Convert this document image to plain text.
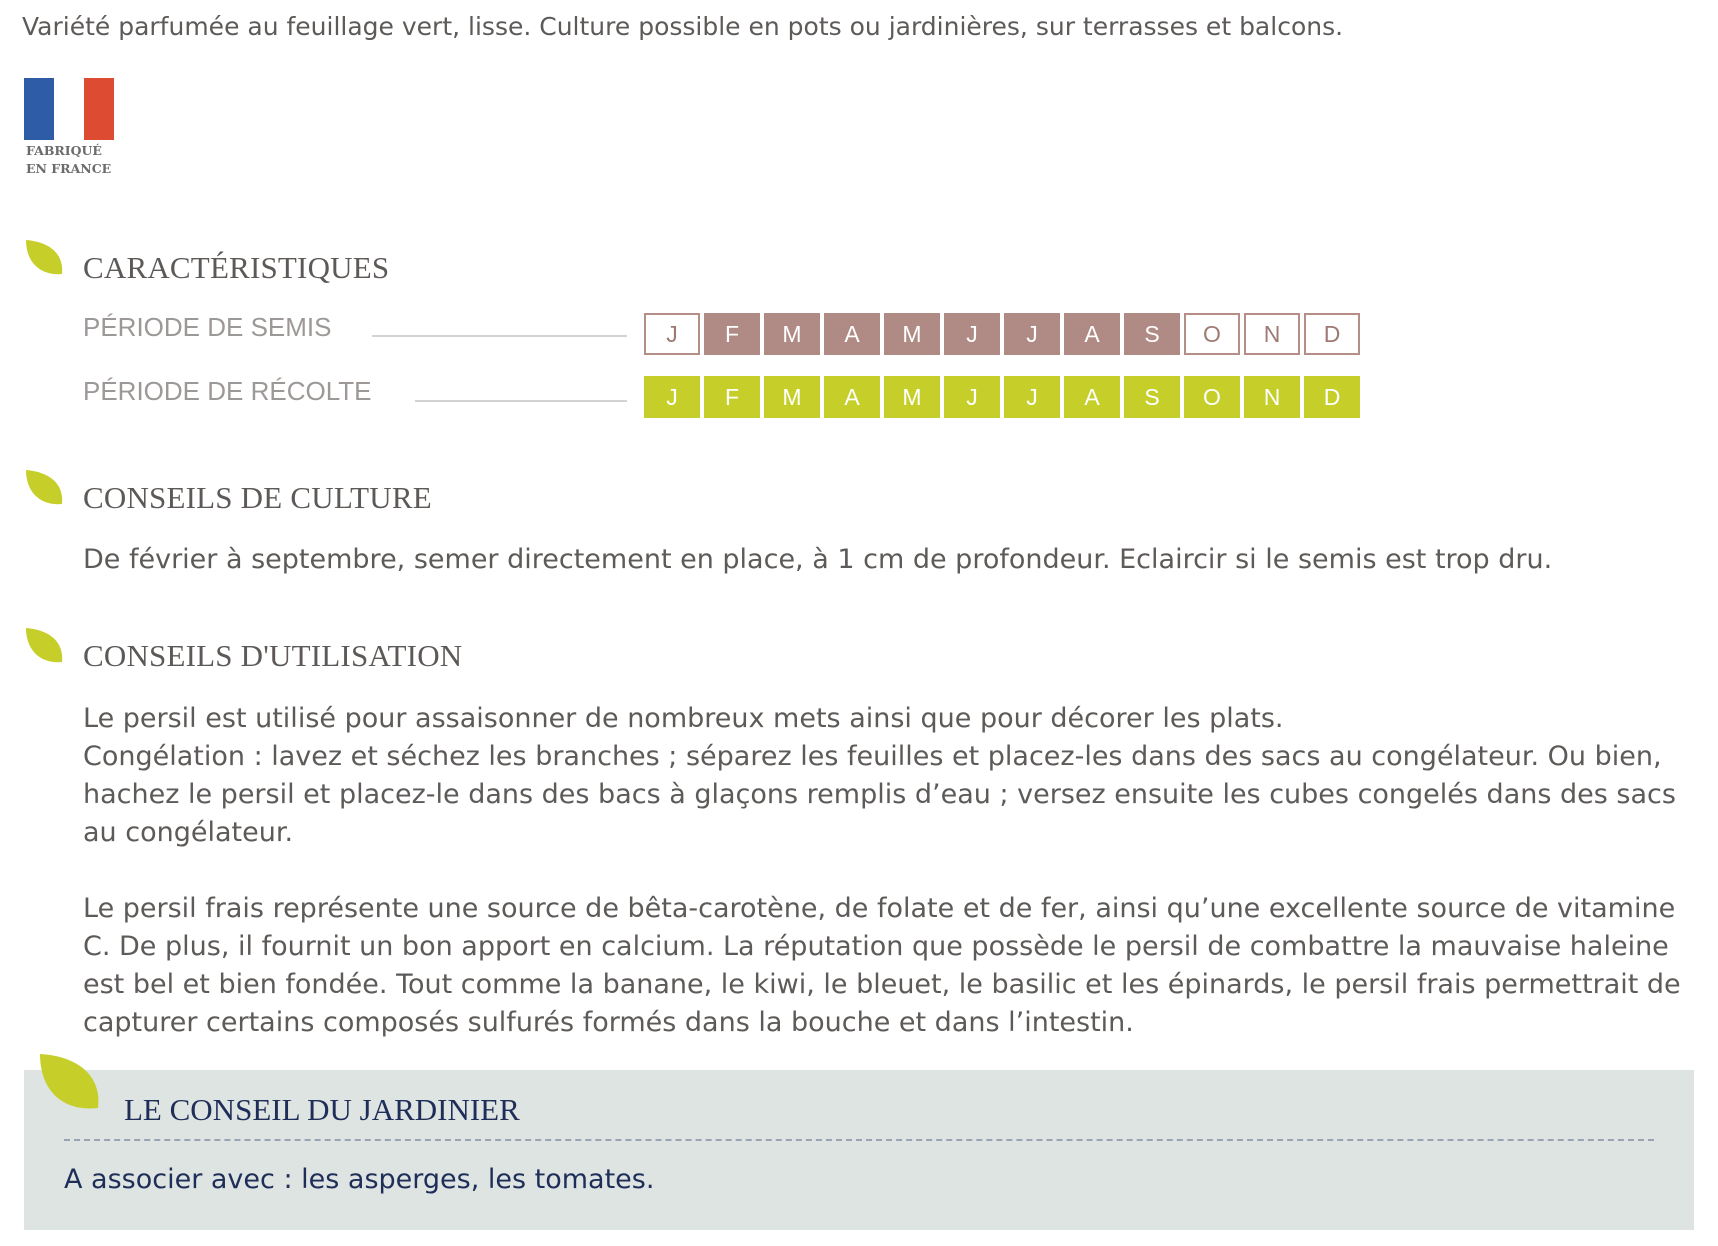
Variété parfumée au feuillage vert, lisse. Culture possible en pots ou jardinières, sur terrasses et balcons.
FABRIQUÉ
EN FRANCE
CARACTÉRISTIQUES
PÉRIODE DE SEMIS	J	F	M	A	M	J	J	A	S	O	N	D
PÉRIODE DE RÉCOLTE	J	F	M	A	M	J	J	A	S	O	N	D
CONSEILS DE CULTURE
De février à septembre, semer directement en place, à 1 cm de profondeur. Eclaircir si le semis est trop dru.
CONSEILS D'UTILISATION
Le persil est utilisé pour assaisonner de nombreux mets ainsi que pour décorer les plats.
Congélation : lavez et séchez les branches ; séparez les feuilles et placez-les dans des sacs au congélateur. Ou bien, hachez le persil et placez-le dans des bacs à glaçons remplis d’eau ; versez ensuite les cubes congelés dans des sacs au congélateur.
Le persil frais représente une source de bêta-carotène, de folate et de fer, ainsi qu’une excellente source de vitamine C. De plus, il fournit un bon apport en calcium. La réputation que possède le persil de combattre la mauvaise haleine est bel et bien fondée. Tout comme la banane, le kiwi, le bleuet, le basilic et les épinards, le persil frais permettrait de capturer certains composés sulfurés formés dans la bouche et dans l’intestin.
LE CONSEIL DU JARDINIER
A associer avec : les asperges, les tomates.
